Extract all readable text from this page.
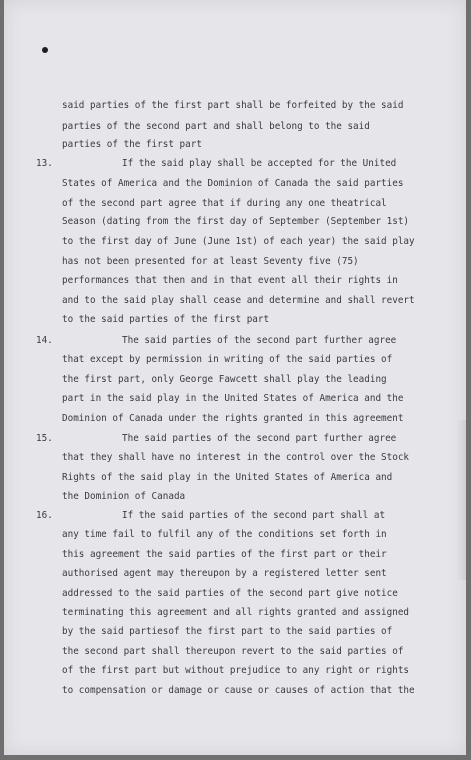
said parties of the first part shall be forfeited by the said
parties of the second part and shall belong to the said
parties of the first part
13.	If the said play shall be accepted for the United
States of America and the Dominion of Canada the said parties
of the second part agree that if during any one theatrical
Season (dating from the first day of September (September 1st)
to the first day of June (June 1st) of each year) the said play
has not been presented for at least Seventy five (75)
performances that then and in that event all their rights in
and to the said play shall cease and determine and shall revert
to the said parties of the first part
14.	The said parties of the second part further agree
that except by permission in writing of the said parties of
the first part, only George Fawcett shall play the leading
part in the said play in the United States of America and the
Dominion of Canada under the rights granted in this agreement
15.	The said parties of the second part further agree
that they shall have no interest in the control over the Stock
Rights of the said play in the United States of America and
the Dominion of Canada
16.	If the said parties of the second part shall at
any time fail to fulfil any of the conditions set forth in
this agreement the said parties of the first part or their
authorised agent may thereupon by a registered letter sent
addressed to the said parties of the second part give notice
terminating this agreement and all rights granted and assigned
by the said partiesof the first part to the said parties of
the second part shall thereupon revert to the said parties of
of the first part but without prejudice to any right or rights
to compensation or damage or cause or causes of action that the
